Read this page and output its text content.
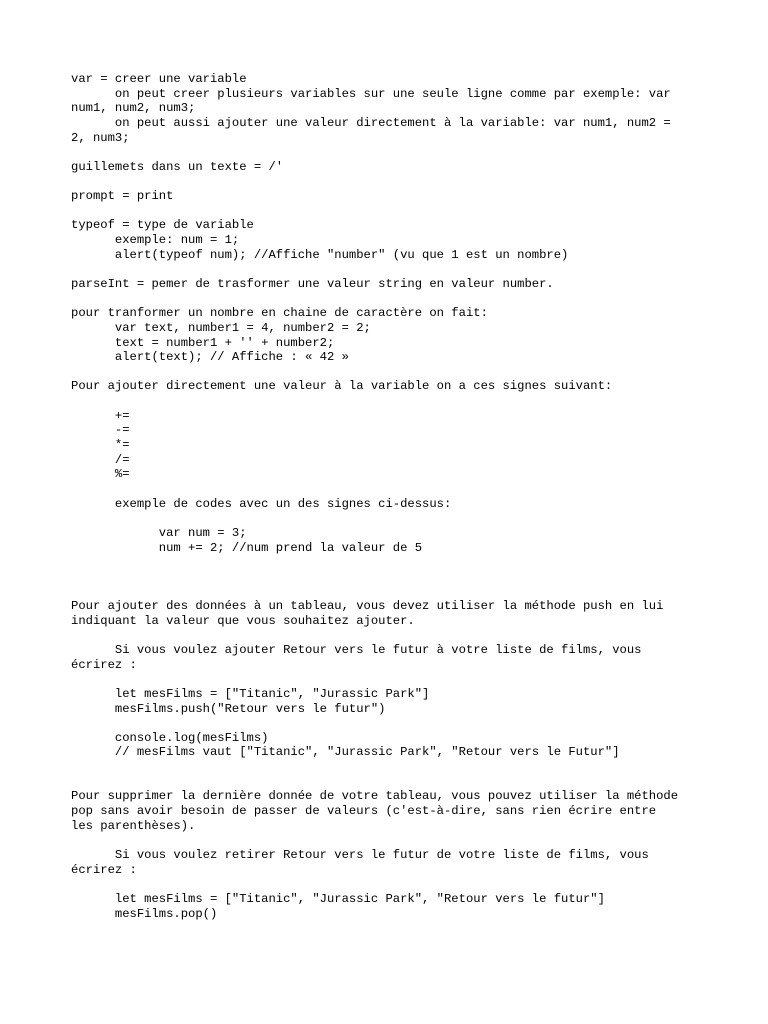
var = creer une variable
on peut creer plusieurs variables sur une seule ligne comme par exemple: var
num1, num2, num3;
on peut aussi ajouter une valeur directement à la variable: var num1, num2 =
2, num3;
guillemets dans un texte = /'
prompt = print
typeof = type de variable
exemple: num = 1;
alert(typeof num); //Affiche "number" (vu que 1 est un nombre)
parseInt = pemer de trasformer une valeur string en valeur number.
pour tranformer un nombre en chaine de caractère on fait:
var text, number1 = 4, number2 = 2;
text = number1 + '' + number2;
alert(text); // Affiche : « 42 »
Pour ajouter directement une valeur à la variable on a ces signes suivant:
+=
-=
*=
/=
%=
exemple de codes avec un des signes ci-dessus:
var num = 3;
num += 2; //num prend la valeur de 5
Pour ajouter des données à un tableau, vous devez utiliser la méthode push en lui
indiquant la valeur que vous souhaitez ajouter.
Si vous voulez ajouter Retour vers le futur à votre liste de films, vous
écrirez :
let mesFilms = ["Titanic", "Jurassic Park"]
mesFilms.push("Retour vers le futur")
console.log(mesFilms)
// mesFilms vaut ["Titanic", "Jurassic Park", "Retour vers le Futur"]
Pour supprimer la dernière donnée de votre tableau, vous pouvez utiliser la méthode
pop sans avoir besoin de passer de valeurs (c'est-à-dire, sans rien écrire entre
les parenthèses).
Si vous voulez retirer Retour vers le futur de votre liste de films, vous
écrirez :
let mesFilms = ["Titanic", "Jurassic Park", "Retour vers le futur"]
mesFilms.pop()
